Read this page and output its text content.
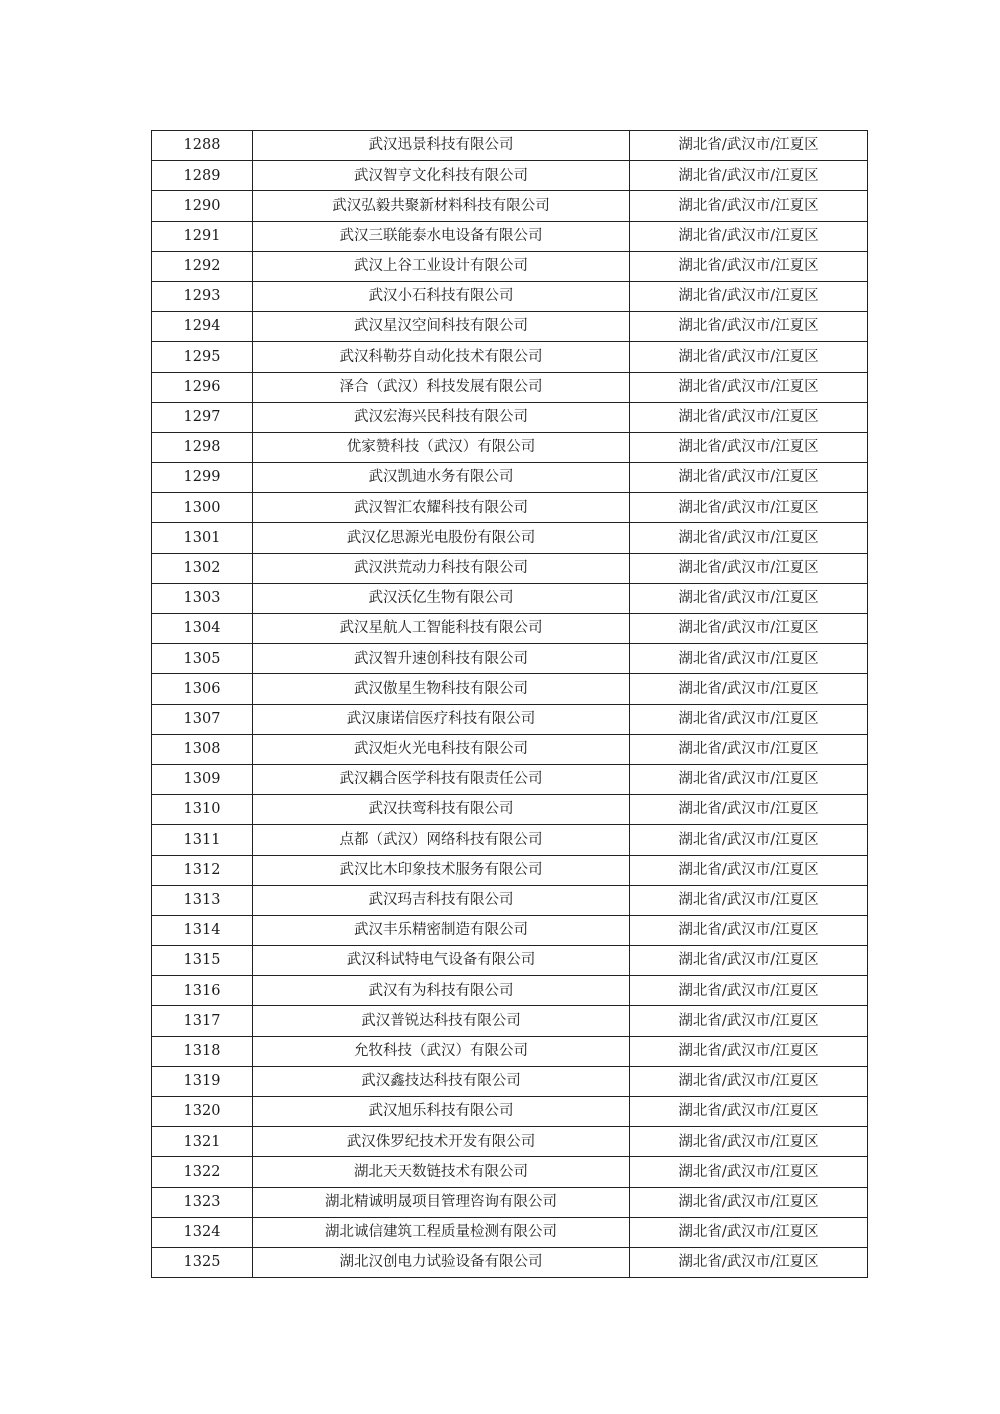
1288	武汉迅景科技有限公司	湖北省/武汉市/江夏区
1289	武汉智亨文化科技有限公司	湖北省/武汉市/江夏区
1290	武汉弘毅共聚新材料科技有限公司	湖北省/武汉市/江夏区
1291	武汉三联能泰水电设备有限公司	湖北省/武汉市/江夏区
1292	武汉上谷工业设计有限公司	湖北省/武汉市/江夏区
1293	武汉小石科技有限公司	湖北省/武汉市/江夏区
1294	武汉星汉空间科技有限公司	湖北省/武汉市/江夏区
1295	武汉科勒芬自动化技术有限公司	湖北省/武汉市/江夏区
1296	泽合（武汉）科技发展有限公司	湖北省/武汉市/江夏区
1297	武汉宏海兴民科技有限公司	湖北省/武汉市/江夏区
1298	优家赞科技（武汉）有限公司	湖北省/武汉市/江夏区
1299	武汉凯迪水务有限公司	湖北省/武汉市/江夏区
1300	武汉智汇农耀科技有限公司	湖北省/武汉市/江夏区
1301	武汉亿思源光电股份有限公司	湖北省/武汉市/江夏区
1302	武汉洪荒动力科技有限公司	湖北省/武汉市/江夏区
1303	武汉沃亿生物有限公司	湖北省/武汉市/江夏区
1304	武汉星航人工智能科技有限公司	湖北省/武汉市/江夏区
1305	武汉智升速创科技有限公司	湖北省/武汉市/江夏区
1306	武汉傲星生物科技有限公司	湖北省/武汉市/江夏区
1307	武汉康诺信医疗科技有限公司	湖北省/武汉市/江夏区
1308	武汉炬火光电科技有限公司	湖北省/武汉市/江夏区
1309	武汉耦合医学科技有限责任公司	湖北省/武汉市/江夏区
1310	武汉扶鸾科技有限公司	湖北省/武汉市/江夏区
1311	点都（武汉）网络科技有限公司	湖北省/武汉市/江夏区
1312	武汉比木印象技术服务有限公司	湖北省/武汉市/江夏区
1313	武汉玛吉科技有限公司	湖北省/武汉市/江夏区
1314	武汉丰乐精密制造有限公司	湖北省/武汉市/江夏区
1315	武汉科试特电气设备有限公司	湖北省/武汉市/江夏区
1316	武汉有为科技有限公司	湖北省/武汉市/江夏区
1317	武汉普锐达科技有限公司	湖北省/武汉市/江夏区
1318	允牧科技（武汉）有限公司	湖北省/武汉市/江夏区
1319	武汉鑫技达科技有限公司	湖北省/武汉市/江夏区
1320	武汉旭乐科技有限公司	湖北省/武汉市/江夏区
1321	武汉侏罗纪技术开发有限公司	湖北省/武汉市/江夏区
1322	湖北天天数链技术有限公司	湖北省/武汉市/江夏区
1323	湖北精诚明晟项目管理咨询有限公司	湖北省/武汉市/江夏区
1324	湖北诚信建筑工程质量检测有限公司	湖北省/武汉市/江夏区
1325	湖北汉创电力试验设备有限公司	湖北省/武汉市/江夏区
